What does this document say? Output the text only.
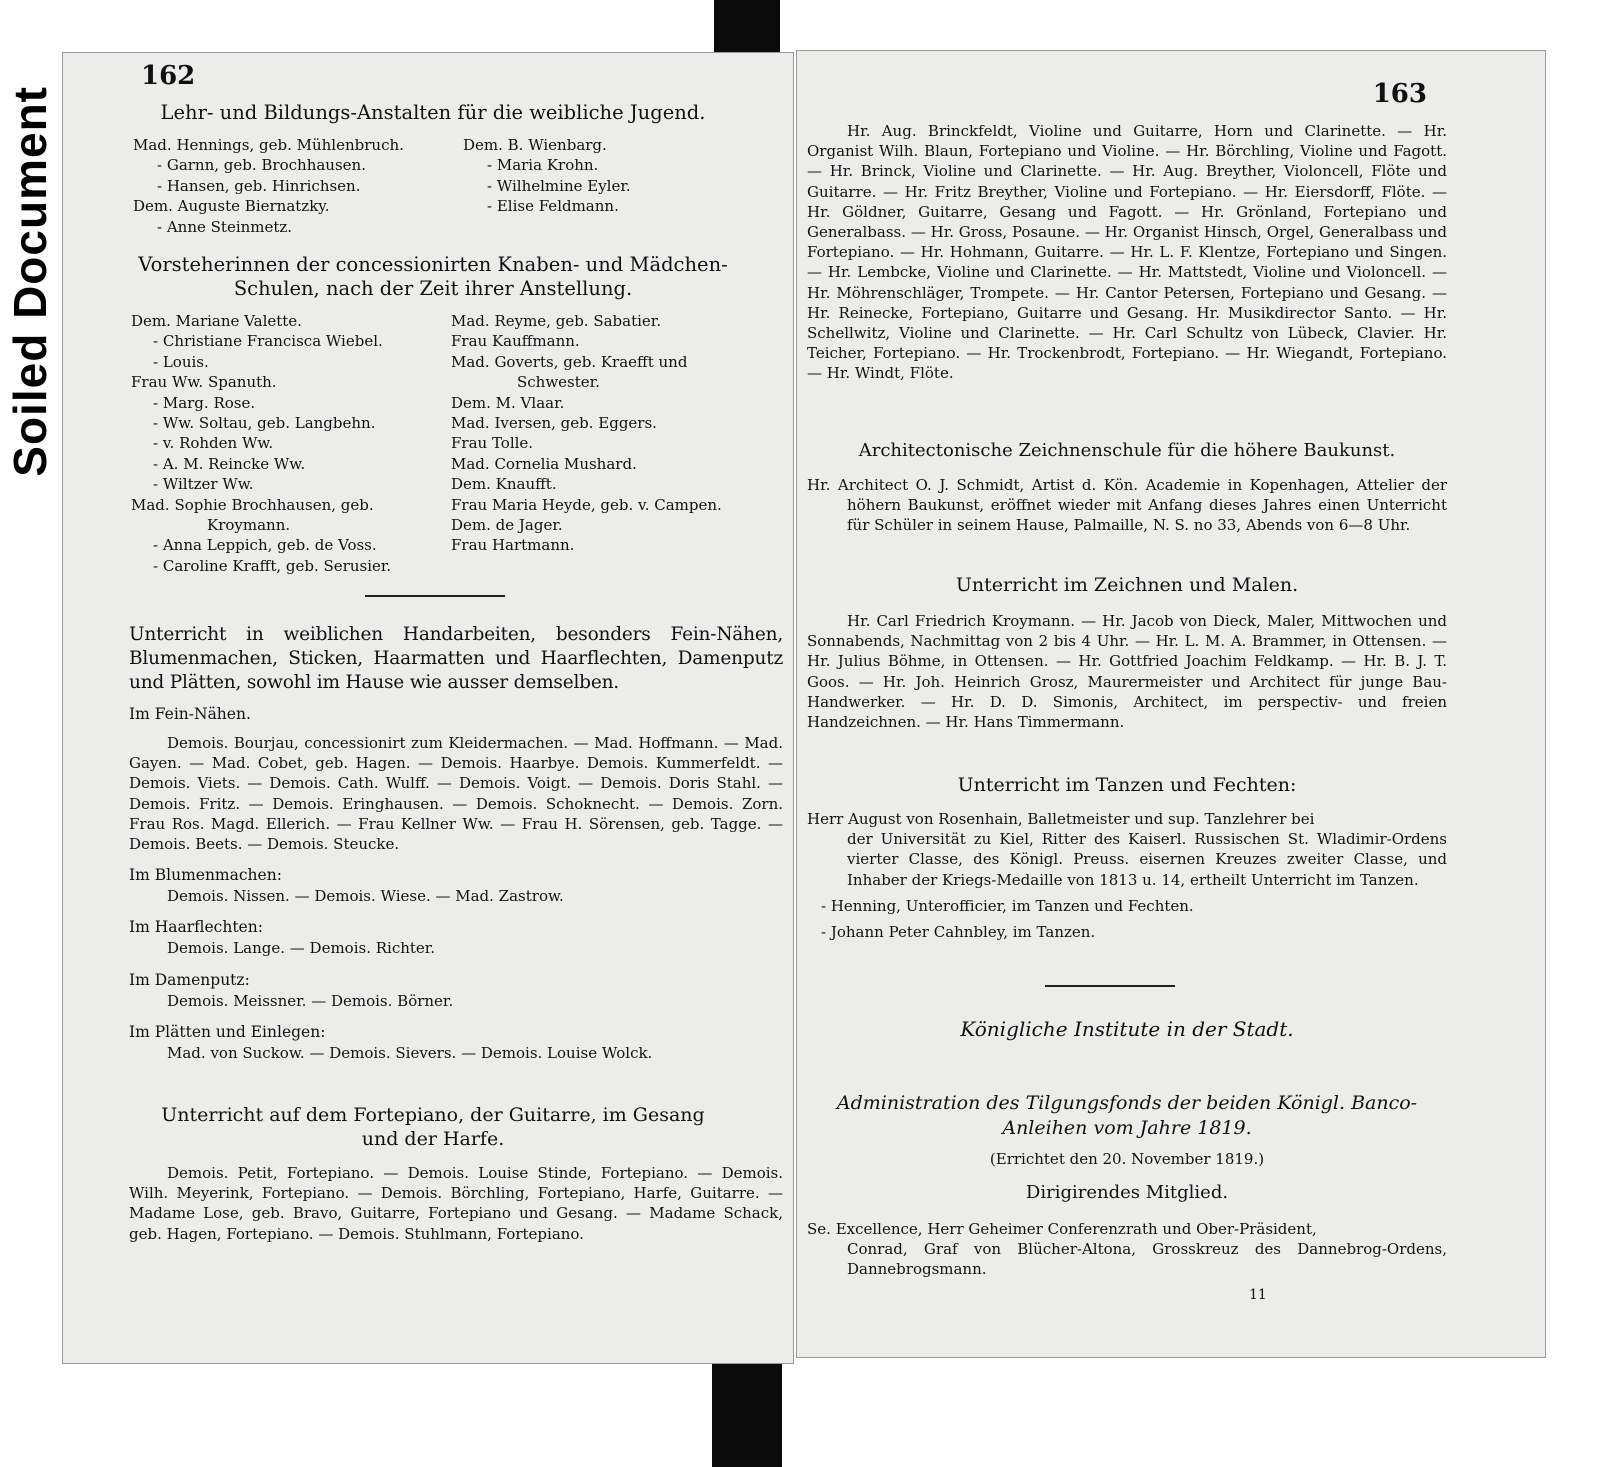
Soiled Document
162
Lehr- und Bildungs-Anstalten für die weibliche Jugend.
Mad. Hennings, geb. Mühlenbruch.
- Garnn, geb. Brochhausen.
- Hansen, geb. Hinrichsen.
Dem. Auguste Biernatzky.
- Anne Steinmetz.
Dem. B. Wienbarg.
- Maria Krohn.
- Wilhelmine Eyler.
- Elise Feldmann.
Vorsteherinnen der concessionirten Knaben- und Mädchen-
Schulen, nach der Zeit ihrer Anstellung.
Dem. Mariane Valette.
- Christiane Francisca Wiebel.
- Louis.
Frau Ww. Spanuth.
- Marg. Rose.
- Ww. Soltau, geb. Langbehn.
- v. Rohden Ww.
- A. M. Reincke Ww.
- Wiltzer Ww.
Mad. Sophie Brochhausen, geb.
Kroymann.
- Anna Leppich, geb. de Voss.
- Caroline Krafft, geb. Serusier.
Mad. Reyme, geb. Sabatier.
Frau Kauffmann.
Mad. Goverts, geb. Kraefft und
Schwester.
Dem. M. Vlaar.
Mad. Iversen, geb. Eggers.
Frau Tolle.
Mad. Cornelia Mushard.
Dem. Knaufft.
Frau Maria Heyde, geb. v. Campen.
Dem. de Jager.
Frau Hartmann.
Unterricht in weiblichen Handarbeiten, besonders Fein-Nähen, Blumenmachen, Sticken, Haarmatten und Haarflechten, Damenputz und Plätten, sowohl im Hause wie ausser demselben.
Im Fein-Nähen.
Demois. Bourjau, concessionirt zum Kleidermachen. — Mad. Hoffmann. — Mad. Gayen. — Mad. Cobet, geb. Hagen. — Demois. Haarbye. Demois. Kummerfeldt. — Demois. Viets. — Demois. Cath. Wulff. — Demois. Voigt. — Demois. Doris Stahl. — Demois. Fritz. — Demois. Eringhausen. — Demois. Schoknecht. — Demois. Zorn. Frau Ros. Magd. Ellerich. — Frau Kellner Ww. — Frau H. Sörensen, geb. Tagge. — Demois. Beets. — Demois. Steucke.
Im Blumenmachen:
Demois. Nissen. — Demois. Wiese. — Mad. Zastrow.
Im Haarflechten:
Demois. Lange. — Demois. Richter.
Im Damenputz:
Demois. Meissner. — Demois. Börner.
Im Plätten und Einlegen:
Mad. von Suckow. — Demois. Sievers. — Demois. Louise Wolck.
Unterricht auf dem Fortepiano, der Guitarre, im Gesang
und der Harfe.
Demois. Petit, Fortepiano. — Demois. Louise Stinde, Fortepiano. — Demois. Wilh. Meyerink, Fortepiano. — Demois. Börchling, Fortepiano, Harfe, Guitarre. — Madame Lose, geb. Bravo, Guitarre, Fortepiano und Gesang. — Madame Schack, geb. Hagen, Fortepiano. — Demois. Stuhlmann, Fortepiano.
163
Hr. Aug. Brinckfeldt, Violine und Guitarre, Horn und Clarinette. — Hr. Organist Wilh. Blaun, Fortepiano und Violine. — Hr. Börchling, Violine und Fagott. — Hr. Brinck, Violine und Clarinette. — Hr. Aug. Breyther, Violoncell, Flöte und Guitarre. — Hr. Fritz Breyther, Violine und Fortepiano. — Hr. Eiersdorff, Flöte. — Hr. Göldner, Guitarre, Gesang und Fagott. — Hr. Grönland, Fortepiano und Generalbass. — Hr. Gross, Posaune. — Hr. Organist Hinsch, Orgel, Generalbass und Fortepiano. — Hr. Hohmann, Guitarre. — Hr. L. F. Klentze, Fortepiano und Singen. — Hr. Lembcke, Violine und Clarinette. — Hr. Mattstedt, Violine und Violoncell. — Hr. Möhrenschläger, Trompete. — Hr. Cantor Petersen, Fortepiano und Gesang. — Hr. Reinecke, Fortepiano, Guitarre und Gesang. Hr. Musikdirector Santo. — Hr. Schellwitz, Violine und Clarinette. — Hr. Carl Schultz von Lübeck, Clavier. Hr. Teicher, Fortepiano. — Hr. Trockenbrodt, Fortepiano. — Hr. Wiegandt, Fortepiano. — Hr. Windt, Flöte.
Architectonische Zeichnenschule für die höhere Baukunst.
Hr. Architect O. J. Schmidt, Artist d. Kön. Academie in Kopenhagen, Attelier der höhern Baukunst, eröffnet wieder mit Anfang dieses Jahres einen Unterricht für Schüler in seinem Hause, Palmaille, N. S. no 33, Abends von 6—8 Uhr.
Unterricht im Zeichnen und Malen.
Hr. Carl Friedrich Kroymann. — Hr. Jacob von Dieck, Maler, Mittwochen und Sonnabends, Nachmittag von 2 bis 4 Uhr. — Hr. L. M. A. Brammer, in Ottensen. — Hr. Julius Böhme, in Ottensen. — Hr. Gottfried Joachim Feldkamp. — Hr. B. J. T. Goos. — Hr. Joh. Heinrich Grosz, Maurermeister und Architect für junge Bau-Handwerker. — Hr. D. D. Simonis, Architect, im perspectiv- und freien Handzeichnen. — Hr. Hans Timmermann.
Unterricht im Tanzen und Fechten:
Herr August von Rosenhain, Balletmeister und sup. Tanzlehrer bei
der Universität zu Kiel, Ritter des Kaiserl. Russischen St. Wladimir-Ordens vierter Classe, des Königl. Preuss. eisernen Kreuzes zweiter Classe, und Inhaber der Kriegs-Medaille von 1813 u. 14, ertheilt Unterricht im Tanzen.
- Henning, Unterofficier, im Tanzen und Fechten.
- Johann Peter Cahnbley, im Tanzen.
Königliche Institute in der Stadt.
Administration des Tilgungsfonds der beiden Königl. Banco-
Anleihen vom Jahre 1819.
(Errichtet den 20. November 1819.)
Dirigirendes Mitglied.
Se. Excellence, Herr Geheimer Conferenzrath und Ober-Präsident,
Conrad, Graf von Blücher-Altona, Grosskreuz des Dannebrog-Ordens, Dannebrogsmann.
11
